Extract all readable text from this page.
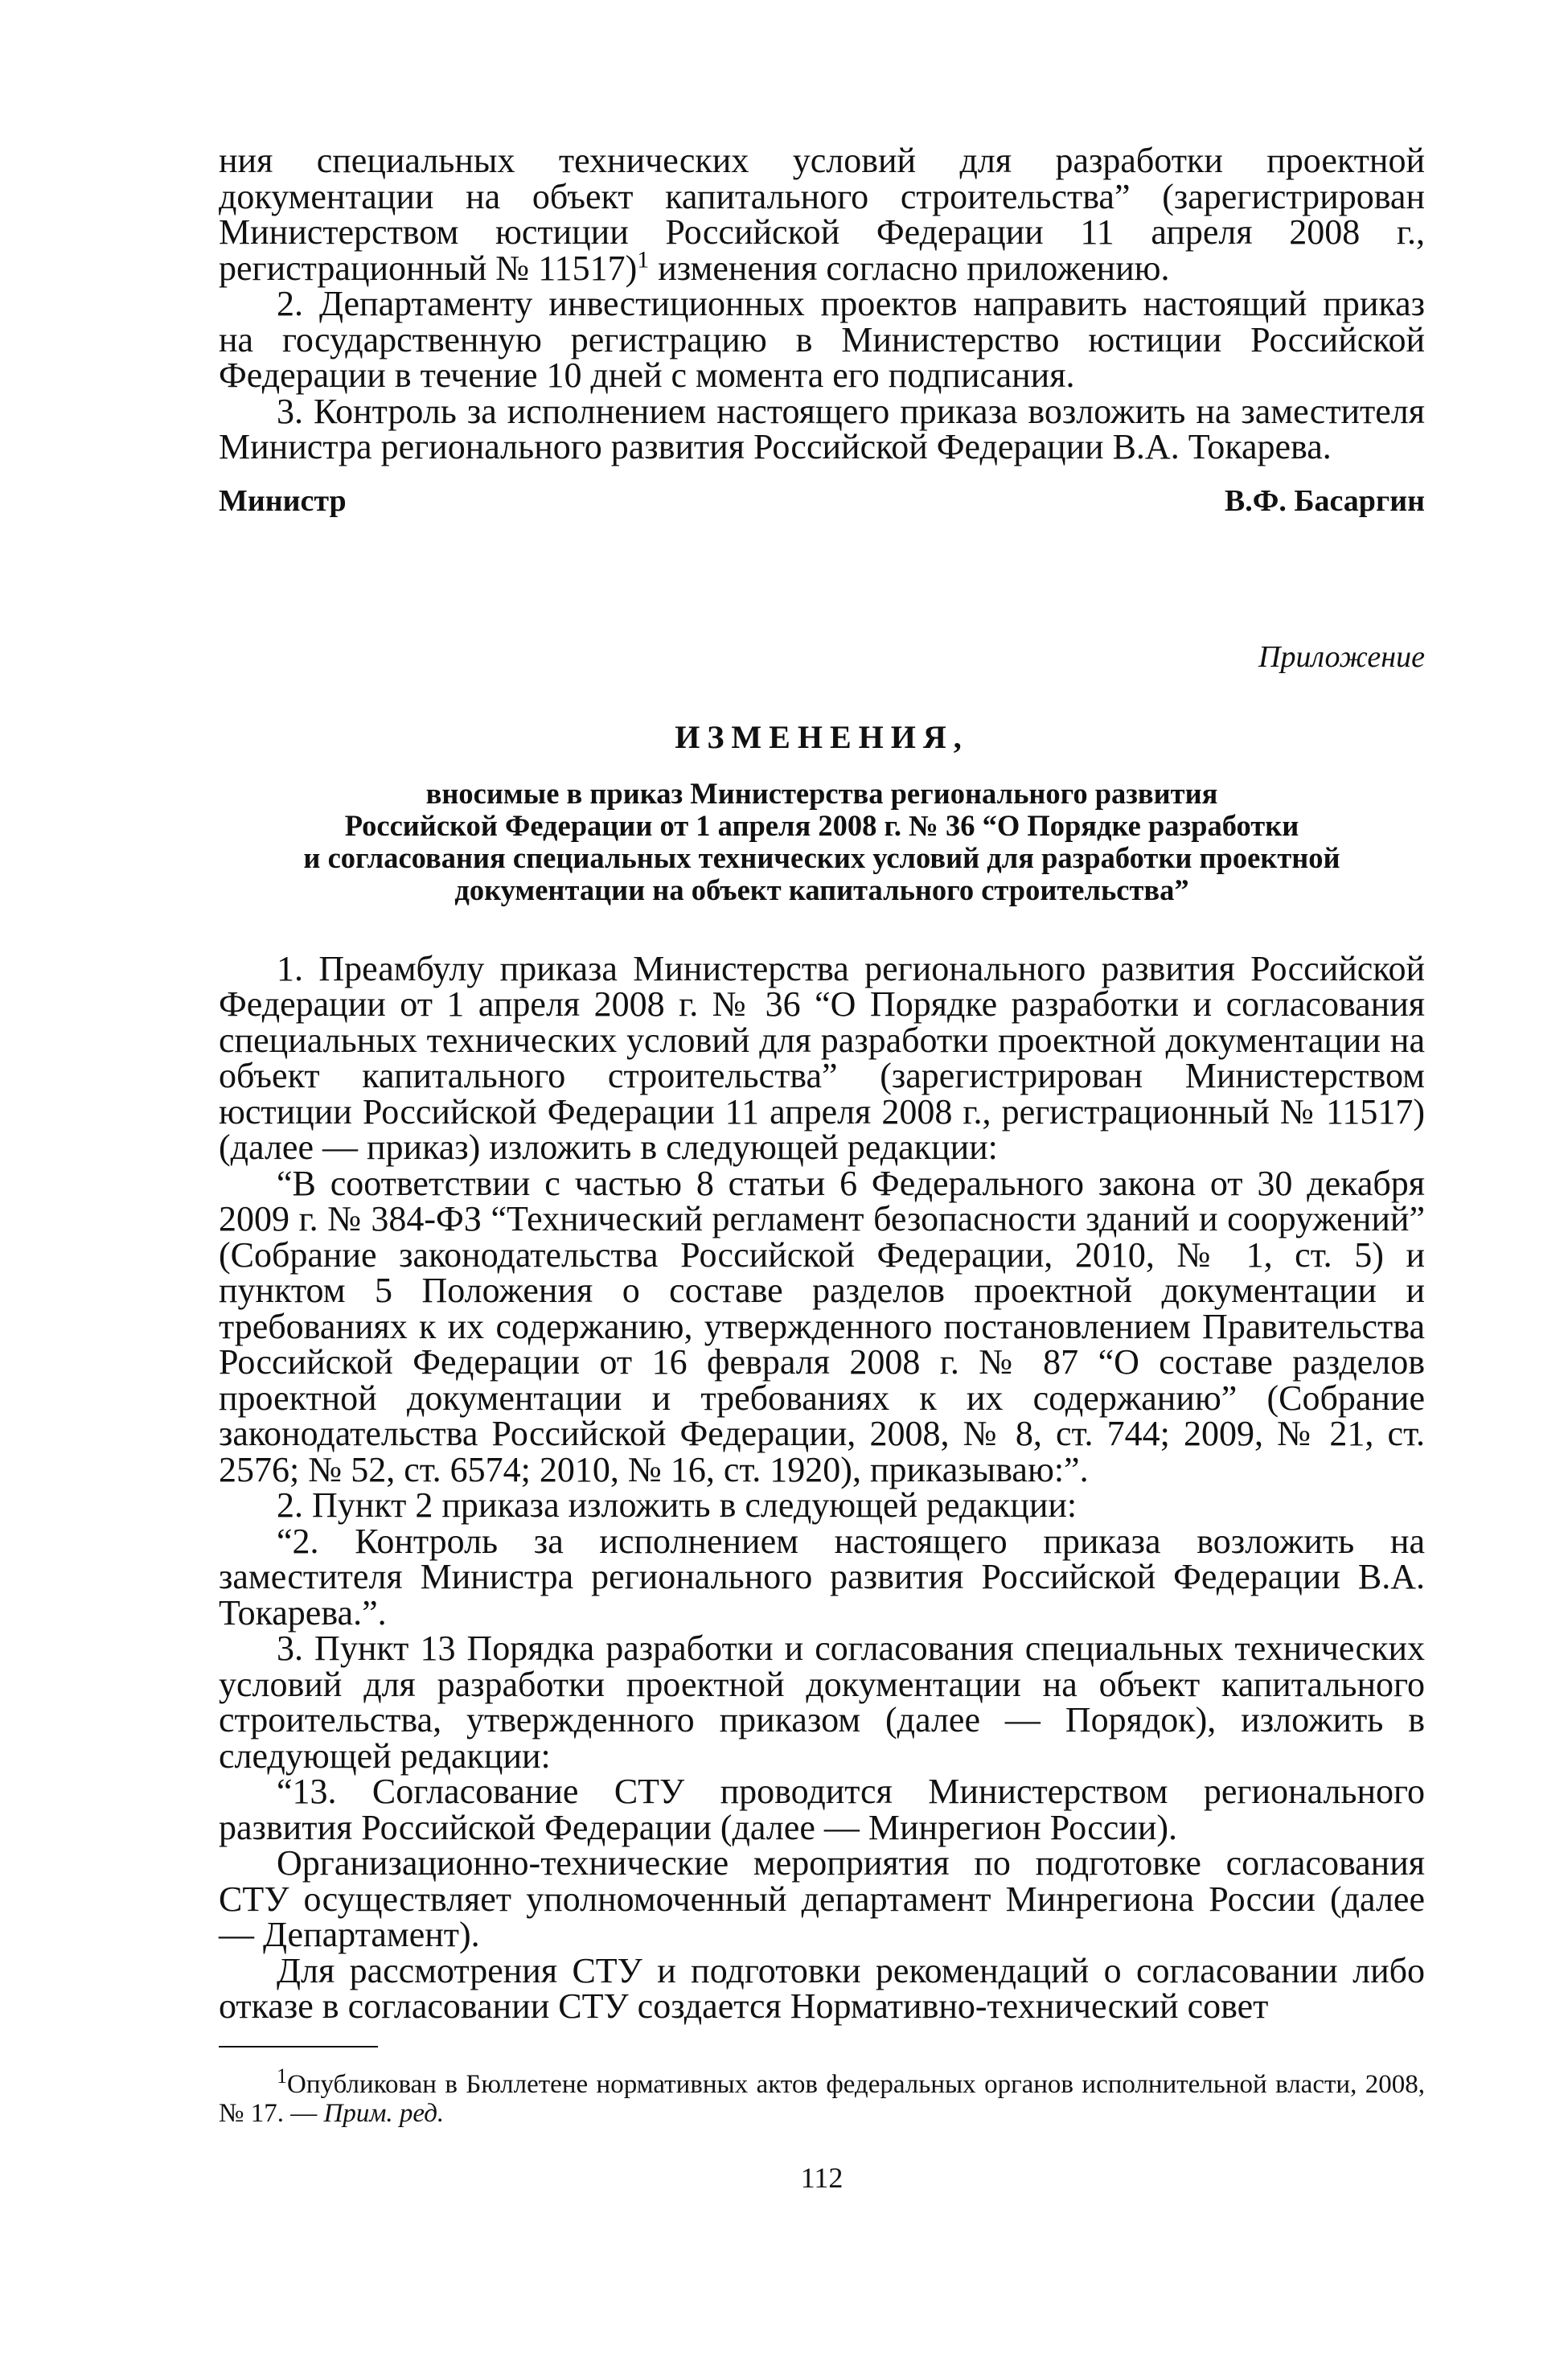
ния специальных технических условий для разработки проектной документации на объект капитального строительства” (зарегистрирован Министерством юстиции Российской Федерации 11 апреля 2008 г., регистрационный № 11517)$^1$ изменения согласно приложению.

2. Департаменту инвестиционных проектов направить настоящий приказ на государственную регистрацию в Министерство юстиции Российской Федерации в течение 10 дней с момента его подписания.

3. Контроль за исполнением настоящего приказа возложить на заместителя Министра регионального развития Российской Федерации В.А. Токарева.

Министр	В.Ф. Басаргин
Приложение
ИЗМЕНЕНИЯ,
вносимые в приказ Министерства регионального развития
Российской Федерации от 1 апреля 2008 г. № 36 “О Порядке разработки
и согласования специальных технических условий для разработки проектной
документации на объект капитального строительства”

1. Преамбулу приказа Министерства регионального развития Российской Федерации от 1 апреля 2008 г. № 36 “О Порядке разработки и согласования специальных технических условий для разработки проектной документации на объект капитального строительства” (зарегистрирован Министерством юстиции Российской Федерации 11 апреля 2008 г., регистрационный № 11517) (далее — приказ) изложить в следующей редакции:

“В соответствии с частью 8 статьи 6 Федерального закона от 30 декабря 2009 г. № 384-ФЗ “Технический регламент безопасности зданий и сооружений” (Собрание законодательства Российской Федерации, 2010, № 1, ст. 5) и пунктом 5 Положения о составе разделов проектной документации и требованиях к их содержанию, утвержденного постановлением Правительства Российской Федерации от 16 февраля 2008 г. № 87 “О составе разделов проектной документации и требованиях к их содержанию” (Собрание законодательства Российской Федерации, 2008, № 8, ст. 744; 2009, № 21, ст. 2576; № 52, ст. 6574; 2010, № 16, ст. 1920), приказываю:”.

2. Пункт 2 приказа изложить в следующей редакции:

“2. Контроль за исполнением настоящего приказа возложить на заместителя Министра регионального развития Российской Федерации В.А. Токарева.”.

3. Пункт 13 Порядка разработки и согласования специальных технических условий для разработки проектной документации на объект капитального строительства, утвержденного приказом (далее — Порядок), изложить в следующей редакции:

“13. Согласование СТУ проводится Министерством регионального развития Российской Федерации (далее — Минрегион России).

Организационно-технические мероприятия по подготовке согласования СТУ осуществляет уполномоченный департамент Минрегиона России (далее — Департамент).

Для рассмотрения СТУ и подготовки рекомендаций о согласовании либо отказе в согласовании СТУ создается Нормативно-технический совет

$^1$Опубликован в Бюллетене нормативных актов федеральных органов исполнительной власти, 2008, № 17. — Прим. ред.
112
